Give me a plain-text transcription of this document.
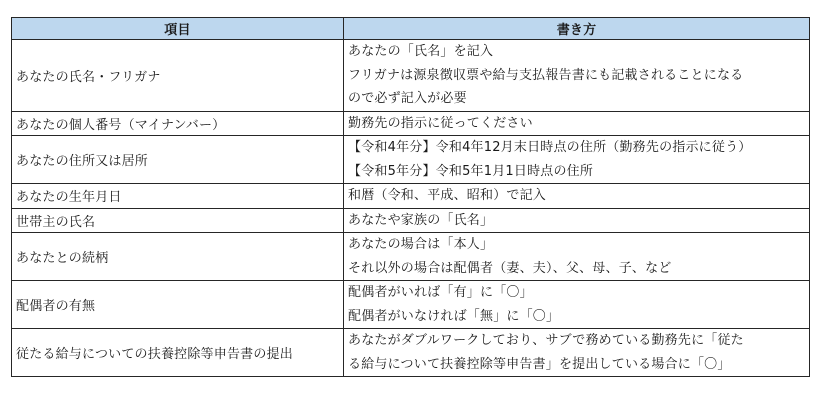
項目	書き方
あなたの氏名・フリガナ	あなたの「氏名」を記入
フリガナは源泉徴収票や給与支払報告書にも記載されることになる
ので必ず記入が必要

あなたの個人番号（マイナンバー）	勤務先の指示に従ってください

あなたの住所又は居所	【令和4年分】令和4年12月末日時点の住所（勤務先の指示に従う）
【令和5年分】令和5年1月1日時点の住所

あなたの生年月日	和暦（令和、平成、昭和）で記入

世帯主の氏名	あなたや家族の「氏名」

あなたとの続柄	あなたの場合は「本人」
それ以外の場合は配偶者（妻、夫）、父、母、子、など

配偶者の有無	配偶者がいれば「有」に「〇」
配偶者がいなければ「無」に「〇」

従たる給与についての扶養控除等申告書の提出	あなたがダブルワークしており、サブで務めている勤務先に「従た
る給与について扶養控除等申告書」を提出している場合に「〇」
